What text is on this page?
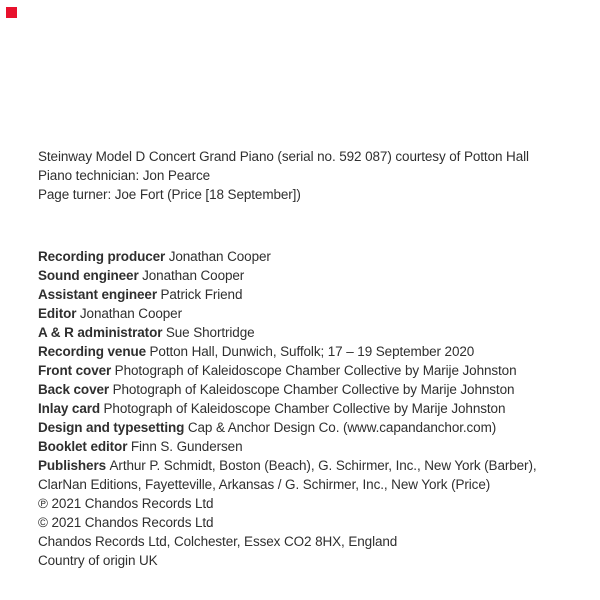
Steinway Model D Concert Grand Piano (serial no. 592 087) courtesy of Potton Hall
Piano technician: Jon Pearce
Page turner: Joe Fort (Price [18 September])
Recording producer Jonathan Cooper
Sound engineer Jonathan Cooper
Assistant engineer Patrick Friend
Editor Jonathan Cooper
A & R administrator Sue Shortridge
Recording venue Potton Hall, Dunwich, Suffolk; 17 – 19 September 2020
Front cover Photograph of Kaleidoscope Chamber Collective by Marije Johnston
Back cover Photograph of Kaleidoscope Chamber Collective by Marije Johnston
Inlay card Photograph of Kaleidoscope Chamber Collective by Marije Johnston
Design and typesetting Cap & Anchor Design Co. (www.capandanchor.com)
Booklet editor Finn S. Gundersen
Publishers Arthur P. Schmidt, Boston (Beach), G. Schirmer, Inc., New York (Barber),
ClarNan Editions, Fayetteville, Arkansas / G. Schirmer, Inc., New York (Price)
℗ 2021 Chandos Records Ltd
© 2021 Chandos Records Ltd
Chandos Records Ltd, Colchester, Essex CO2 8HX, England
Country of origin UK
